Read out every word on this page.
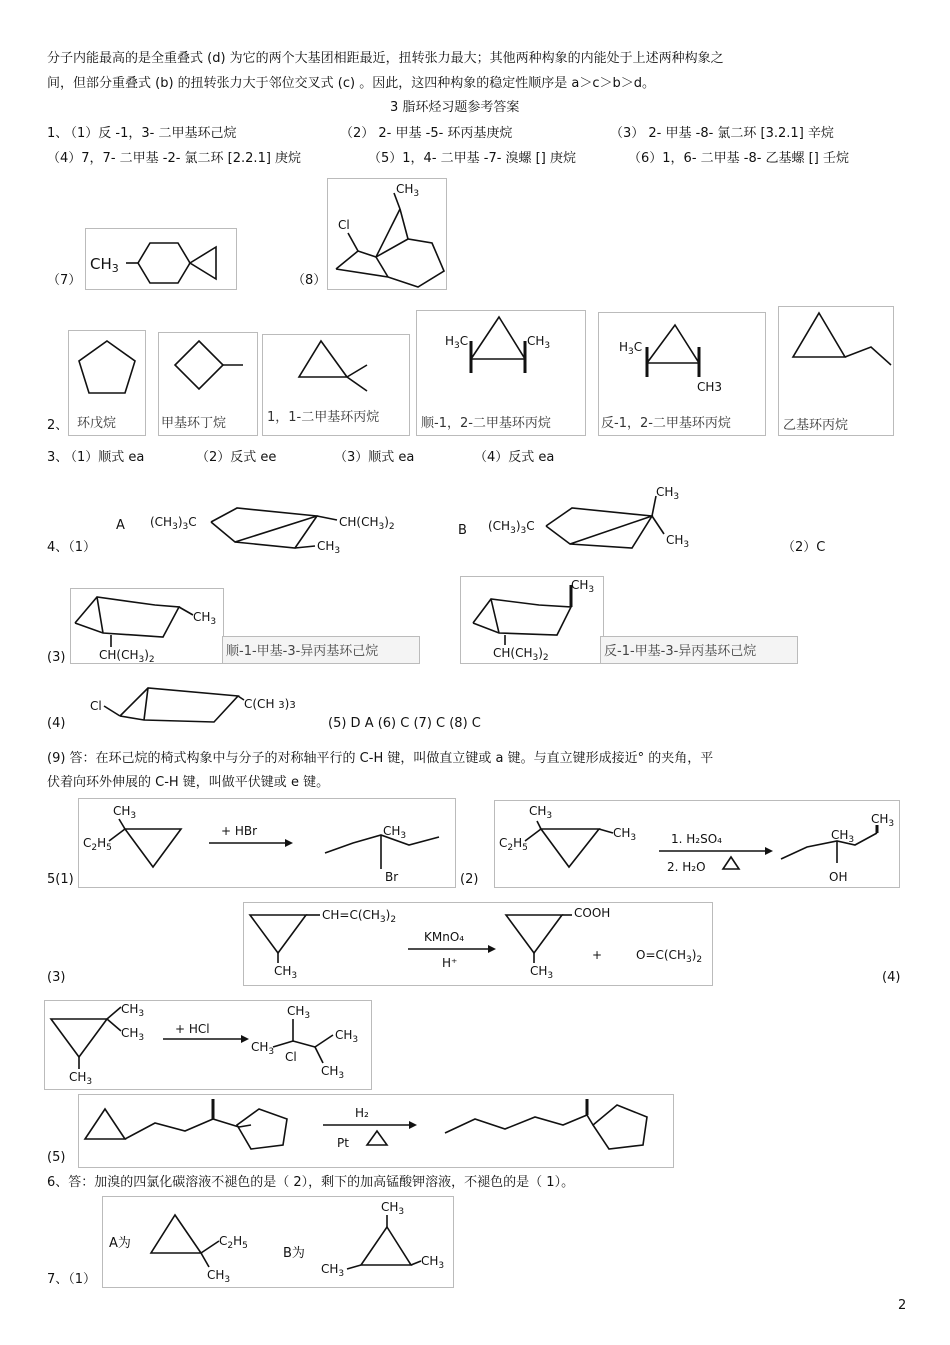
分子内能最高的是全重叠式 (d) 为它的两个大基团相距最近，扭转张力最大；其他两种构象的内能处于上述两种构象之
间，但部分重叠式 (b) 的扭转张力大于邻位交叉式 (c) 。因此，这四种构象的稳定性顺序是 a＞c＞b＞d。
3 脂环烃习题参考答案
1、
（1）反 -1，3- 二甲基环己烷	（2） 2- 甲基 -5- 环丙基庚烷	（3） 2- 甲基 -8- 氯二环 [3.2.1] 辛烷
（4）7，7- 二甲基 -2- 氯二环 [2.2.1] 庚烷	（5）1，4- 二甲基 -7- 溴螺 [] 庚烷	（6）1，6- 二甲基 -8- 乙基螺 [] 壬烷
（7）	（8）
$CH_3$
$CH_3$
Cl
2、 环戊烷	甲基环丁烷	1，1-二甲基环丙烷
$H_3C$	$CH_3$
顺-1，2-二甲基环丙烷
$H_3C$
CH3
反-1，2-二甲基环丙烷	乙基环丙烷
3、
（1）顺式 ea	（2）反式 ee	（3）顺式 ea	（4）反式 ea
4、（1）
A $(CH_3)_3C$	$CH(CH_3)_2$
$CH_3$
B $(CH_3)_3C$
$CH_3$
$CH_3$	（2）C
(3)
$CH_3$
$CH(CH_3)_2$
顺-1-甲基-3-异丙基环己烷
$CH_3$
$CH(CH_3)_2$	反-1-甲基-3-异丙基环己烷
(4)
Cl	C(CH 3)3
(5) D A (6) C (7) C (8) C
(9) 答：在环己烷的椅式构象中与分子的对称轴平行的 C-H 键，叫做直立键或 a 键。与直立键形成接近° 的夹角，平
伏着向环外伸展的 C-H 键，叫做平伏键或 e 键。
5(1)
$CH_3$
$C_2H_5$
+ HBr	$CH_3$
Br	(2)
$CH_3$
$C_2H_5$
$CH_3$	1. H₂SO₄
2. H₂O
$CH_3$
$CH_3$
OH
(3)
$CH=C(CH_3)_2$
$CH_3$
KMnO₄
H⁺
COOH
$CH_3$
+	$O=C(CH_3)_2$
(4)
$CH_3$
$CH_3$
$CH_3$
+ HCl
$CH_3$
$CH_3$
$CH_3$
$CH_3$
Cl
(5)
H₂
Pt
6、答：加溴的四氯化碳溶液不褪色的是（ 2），剩下的加高锰酸钾溶液，不褪色的是（ 1）。
7、（1）
A为	$C_2H_5$
$CH_3$
B为
$CH_3$
$CH_3$
$CH_3$
2
